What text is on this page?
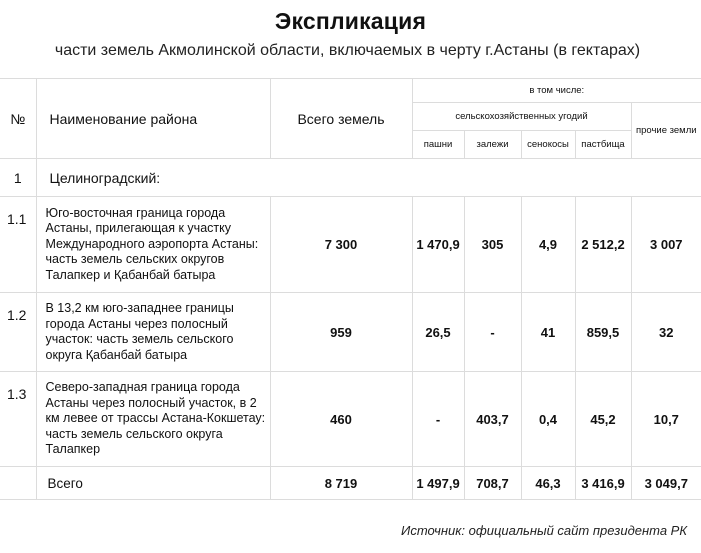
Экспликация
части земель Акмолинской области, включаемых в черту г.Астаны (в гектарах)
№	Наименование района	Всего земель	в том числе:				
			сельскохозяйственных угодий				прочие земли
			пашни	залежи	сенокосы	пастбища	
1	Целиноградский:						
1.1	Юго-восточная граница города Астаны, прилегающая к участку Международного аэропорта Астаны: часть земель сельских округов Талапкер и Қабанбай батыра	7 300	1 470,9	305	4,9	2 512,2	3 007
1.2	В 13,2 км юго-западнее границы города Астаны через полосный участок: часть земель сельского округа Қабанбай батыра	959	26,5	-	41	859,5	32
1.3	Северо-западная граница города Астаны через полосный участок, в 2 км левее от трассы Астана-Кокшетау: часть земель сельского округа Талапкер	460	-	403,7	0,4	45,2	10,7
	Всего	8 719	1 497,9	708,7	46,3	3 416,9	3 049,7
Источник: официальный сайт президента РК
